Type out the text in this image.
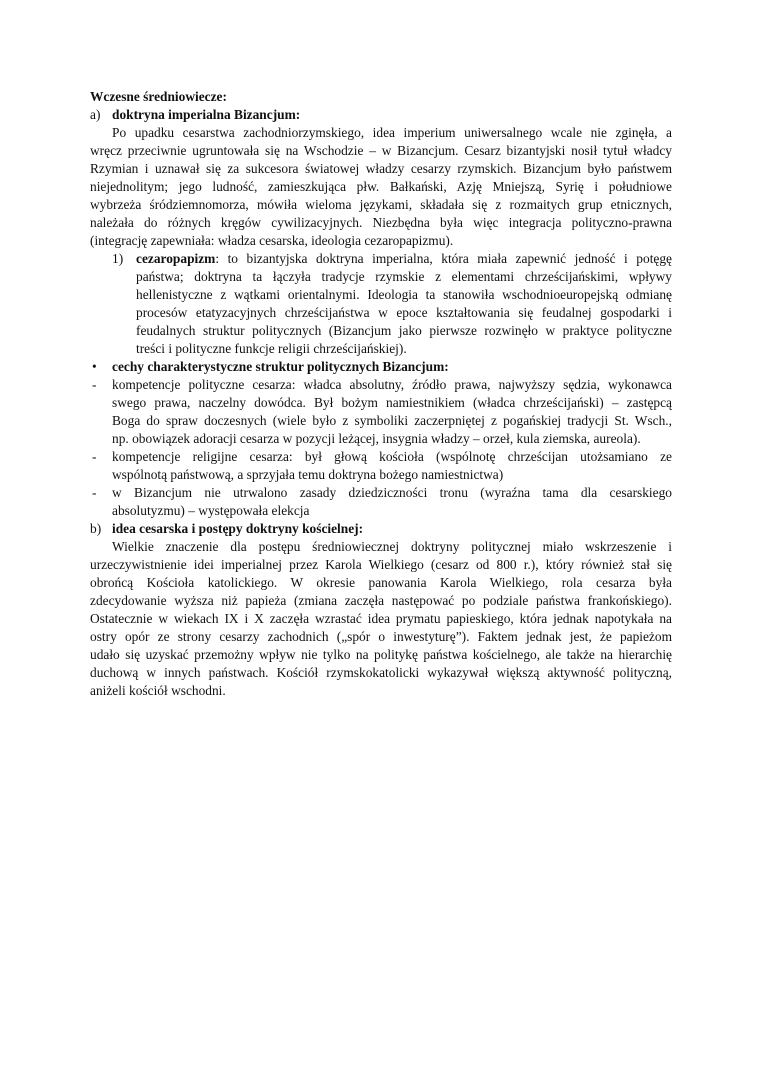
Wczesne średniowiecze:
a) doktryna imperialna Bizancjum:
Po upadku cesarstwa zachodniorzymskiego, idea imperium uniwersalnego wcale nie zginęła, a
wręcz przeciwnie ugruntowała się na Wschodzie – w Bizancjum. Cesarz bizantyjski nosił tytuł władcy
Rzymian i uznawał się za sukcesora światowej władzy cesarzy rzymskich. Bizancjum było państwem
niejednolitym; jego ludność, zamieszkująca płw. Bałkański, Azję Mniejszą, Syrię i południowe
wybrzeża śródziemnomorza, mówiła wieloma językami, składała się z rozmaitych grup etnicznych,
należała do różnych kręgów cywilizacyjnych. Niezbędna była więc integracja polityczno-prawna
(integrację zapewniała: władza cesarska, ideologia cezaropapizmu).
1) cezaropapizm: to bizantyjska doktryna imperialna, która miała zapewnić jedność i potęgę
państwa; doktryna ta łączyła tradycje rzymskie z elementami chrześcijańskimi, wpływy
hellenistyczne z wątkami orientalnymi. Ideologia ta stanowiła wschodnioeuropejską odmianę
procesów etatyzacyjnych chrześcijaństwa w epoce kształtowania się feudalnej gospodarki i
feudalnych struktur politycznych (Bizancjum jako pierwsze rozwinęło w praktyce polityczne
treści i polityczne funkcje religii chrześcijańskiej).
•	cechy charakterystyczne struktur politycznych Bizancjum:
-	kompetencje polityczne cesarza: władca absolutny, źródło prawa, najwyższy sędzia, wykonawca
swego prawa, naczelny dowódca. Był bożym namiestnikiem (władca chrześcijański) – zastępcą
Boga do spraw doczesnych (wiele było z symboliki zaczerpniętej z pogańskiej tradycji St. Wsch.,
np. obowiązek adoracji cesarza w pozycji leżącej, insygnia władzy – orzeł, kula ziemska, aureola).
-	kompetencje religijne cesarza: był głową kościoła (wspólnotę chrześcijan utożsamiano ze
wspólnotą państwową, a sprzyjała temu doktryna bożego namiestnictwa)
-	w Bizancjum nie utrwalono zasady dziedziczności tronu (wyraźna tama dla cesarskiego
absolutyzmu) – występowała elekcja
b) idea cesarska i postępy doktryny kościelnej:
Wielkie znaczenie dla postępu średniowiecznej doktryny politycznej miało wskrzeszenie i
urzeczywistnienie idei imperialnej przez Karola Wielkiego (cesarz od 800 r.), który również stał się
obrońcą Kościoła katolickiego. W okresie panowania Karola Wielkiego, rola cesarza była
zdecydowanie wyższa niż papieża (zmiana zaczęła następować po podziale państwa frankońskiego).
Ostatecznie w wiekach IX i X zaczęła wzrastać idea prymatu papieskiego, która jednak napotykała na
ostry opór ze strony cesarzy zachodnich („spór o inwestyturę”). Faktem jednak jest, że papieżom
udało się uzyskać przemożny wpływ nie tylko na politykę państwa kościelnego, ale także na hierarchię
duchową w innych państwach. Kościół rzymskokatolicki wykazywał większą aktywność polityczną,
aniżeli kościół wschodni.
